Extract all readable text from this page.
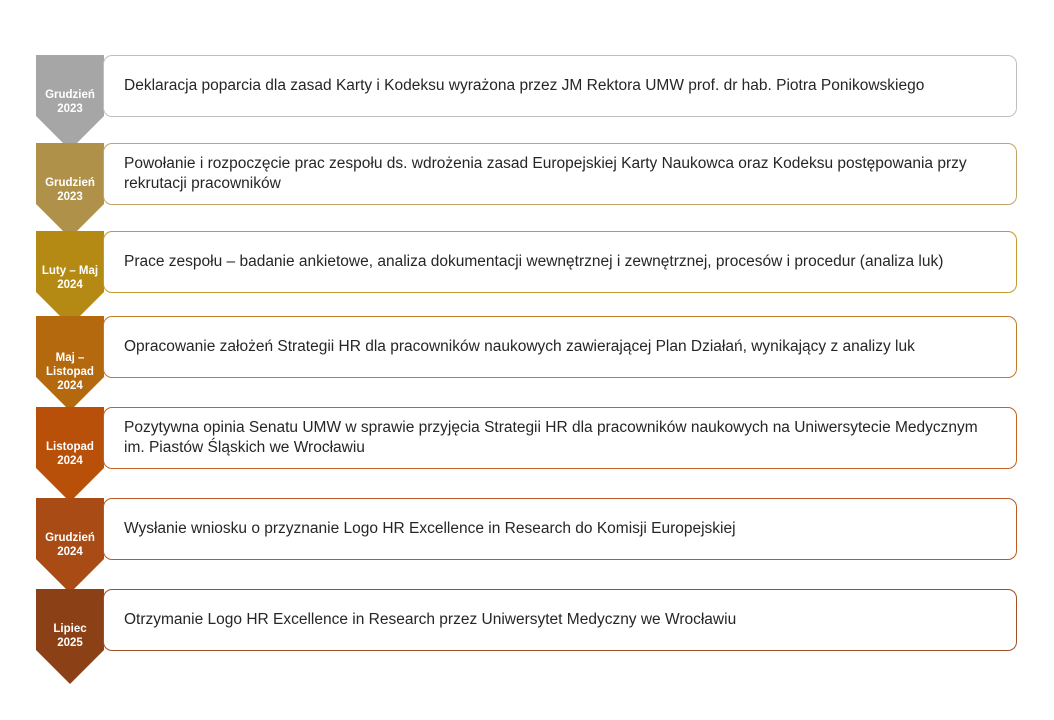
Grudzień
2023
Deklaracja poparcia dla zasad Karty i Kodeksu wyrażona przez JM Rektora UMW prof. dr hab. Piotra Ponikowskiego
Grudzień
2023
Powołanie i rozpoczęcie prac zespołu ds. wdrożenia zasad Europejskiej Karty Naukowca oraz Kodeksu postępowania przy rekrutacji pracowników
Luty – Maj
2024
Prace zespołu – badanie ankietowe, analiza dokumentacji wewnętrznej i zewnętrznej, procesów i procedur (analiza luk)
Maj –
Listopad
2024
Opracowanie założeń Strategii HR dla pracowników naukowych zawierającej Plan Działań, wynikający z analizy luk
Listopad
2024
Pozytywna opinia Senatu UMW w sprawie przyjęcia Strategii HR dla pracowników naukowych na Uniwersytecie Medycznym im. Piastów Śląskich we Wrocławiu
Grudzień
2024
Wysłanie wniosku o przyznanie Logo HR Excellence in Research do Komisji Europejskiej
Lipiec
2025
Otrzymanie Logo HR Excellence in Research przez Uniwersytet Medyczny we Wrocławiu
